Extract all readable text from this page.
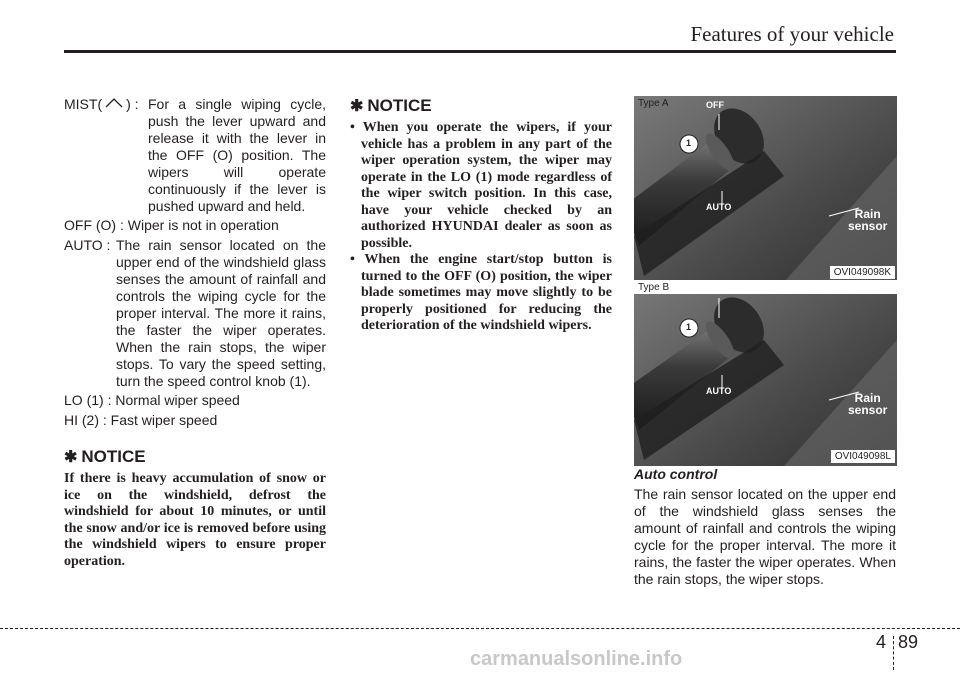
Features of your vehicle
MIST( ) : For a single wiping cycle, push the lever upward and release it with the lever in the OFF (O) position. The wipers will operate continuously if the lever is pushed upward and held.
OFF (O) : Wiper is not in operation
AUTO : The rain sensor located on the upper end of the windshield glass senses the amount of rainfall and controls the wiping cycle for the proper interval. The more it rains, the faster the wiper operates. When the rain stops, the wiper stops. To vary the speed setting, turn the speed control knob (1).
LO (1) : Normal wiper speed
HI (2) : Fast wiper speed
✱ NOTICE

If there is heavy accumulation of snow or ice on the windshield, defrost the windshield for about 10 minutes, or until the snow and/or ice is removed before using the windshield wipers to ensure proper operation.

✱ NOTICE
• When you operate the wipers, if your vehicle has a problem in any part of the wiper operation system, the wiper may operate in the LO (1) mode regardless of the wiper switch position. In this case, have your vehicle checked by an authorized HYUNDAI dealer as soon as possible.
• When the engine start/stop button is turned to the OFF (O) position, the wiper blade sometimes may move slightly to be properly positioned for reducing the deterioration of the windshield wipers.
Type A	OFF
AUTO
1
Rain
sensor
OVI049098K
Type B	O
AUTO
1
Rain
sensor
OVI049098L
Auto control

The rain sensor located on the upper end of the windshield glass senses the amount of rainfall and controls the wiping cycle for the proper interval. The more it rains, the faster the wiper operates. When the rain stops, the wiper stops.

4 89
carmanualsonline.info
